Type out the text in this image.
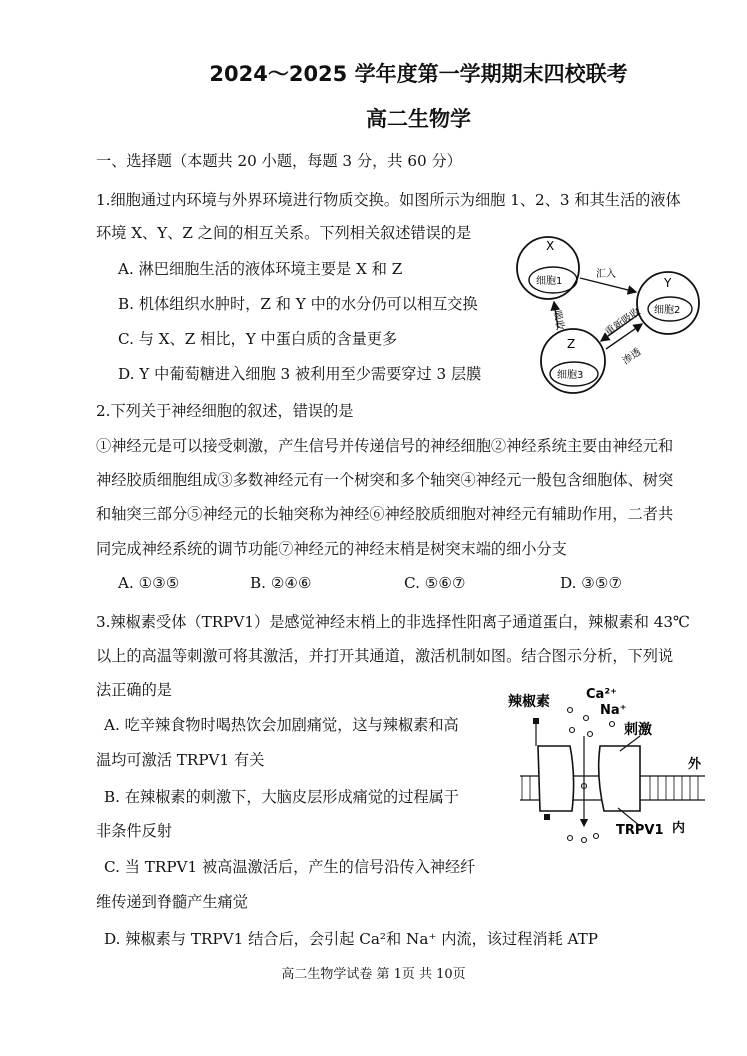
2024～2025 学年度第一学期期末四校联考
高二生物学
一、选择题（本题共 20 小题，每题 3 分，共 60 分）
1.细胞通过内环境与外界环境进行物质交换。如图所示为细胞 1、2、3 和其生活的液体
环境 X、Y、Z 之间的相互关系。下列相关叙述错误的是
A. 淋巴细胞生活的液体环境主要是 X 和 Z
B. 机体组织水肿时，Z 和 Y 中的水分仍可以相互交换
C. 与 X、Z 相比，Y 中蛋白质的含量更多
D. Y 中葡萄糖进入细胞 3 被利用至少需要穿过 3 层膜
X
细胞1	Y
细胞2
Z
细胞3
汇入
吸收	重新吸收
渗透
2.下列关于神经细胞的叙述，错误的是
①神经元是可以接受刺激，产生信号并传递信号的神经细胞②神经系统主要由神经元和
神经胶质细胞组成③多数神经元有一个树突和多个轴突④神经元一般包含细胞体、树突
和轴突三部分⑤神经元的长轴突称为神经⑥神经胶质细胞对神经元有辅助作用，二者共
同完成神经系统的调节功能⑦神经元的神经末梢是树突末端的细小分支
A. ①③⑤	B. ②④⑥	C. ⑤⑥⑦	D. ③⑤⑦
3.辣椒素受体（TRPV1）是感觉神经末梢上的非选择性阳离子通道蛋白，辣椒素和 43℃
以上的高温等刺激可将其激活，并打开其通道，激活机制如图。结合图示分析，下列说
法正确的是
A. 吃辛辣食物时喝热饮会加剧痛觉，这与辣椒素和高
温均可激活 TRPV1 有关
B. 在辣椒素的刺激下，大脑皮层形成痛觉的过程属于
非条件反射
C. 当 TRPV1 被高温激活后，产生的信号沿传入神经纤
维传递到脊髓产生痛觉
D. 辣椒素与 TRPV1 结合后，会引起 Ca²和 Na⁺ 内流，该过程消耗 ATP
辣椒素	Ca²⁺
Na⁺
刺激
外
内
TRPV1
高二生物学试卷 第 1页 共 10页
